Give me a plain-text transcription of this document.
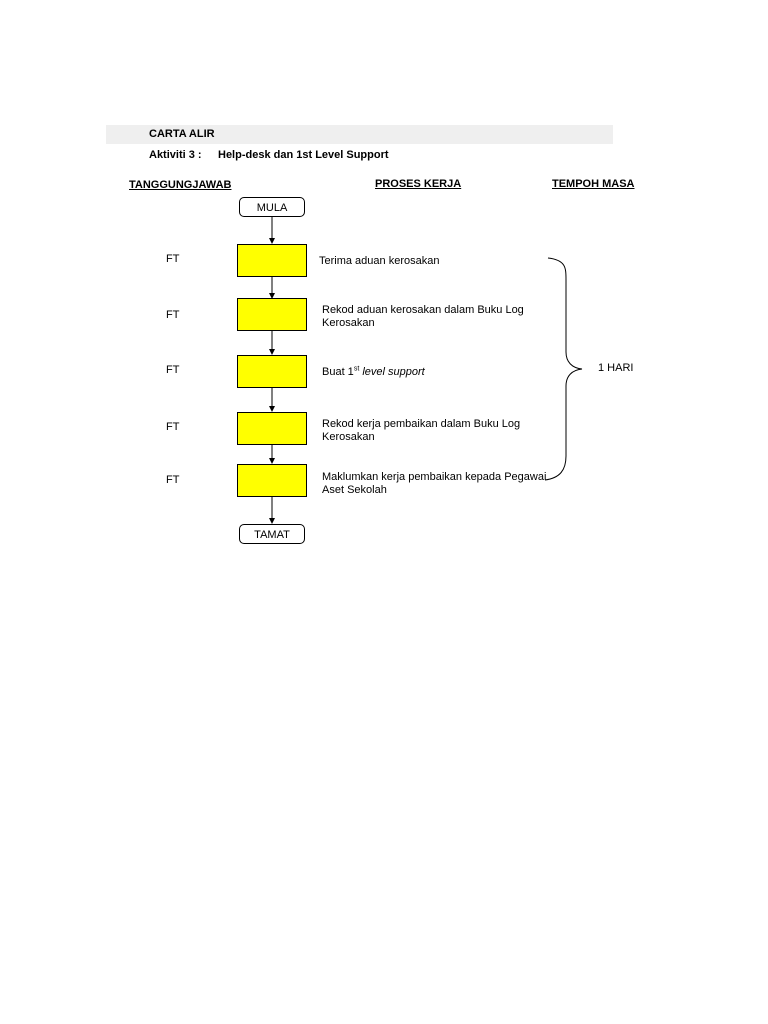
CARTA ALIR
Aktiviti 3 : Help-desk dan 1st Level Support
TANGGUNGJAWAB	PROSES KERJA	TEMPOH MASA
MULA
TAMAT
FT
FT
FT
FT
FT
Terima aduan kerosakan
Rekod aduan kerosakan dalam Buku Log
Kerosakan
Buat 1st level support
Rekod kerja pembaikan dalam Buku Log
Kerosakan
Maklumkan kerja pembaikan kepada Pegawai
Aset Sekolah
1 HARI
